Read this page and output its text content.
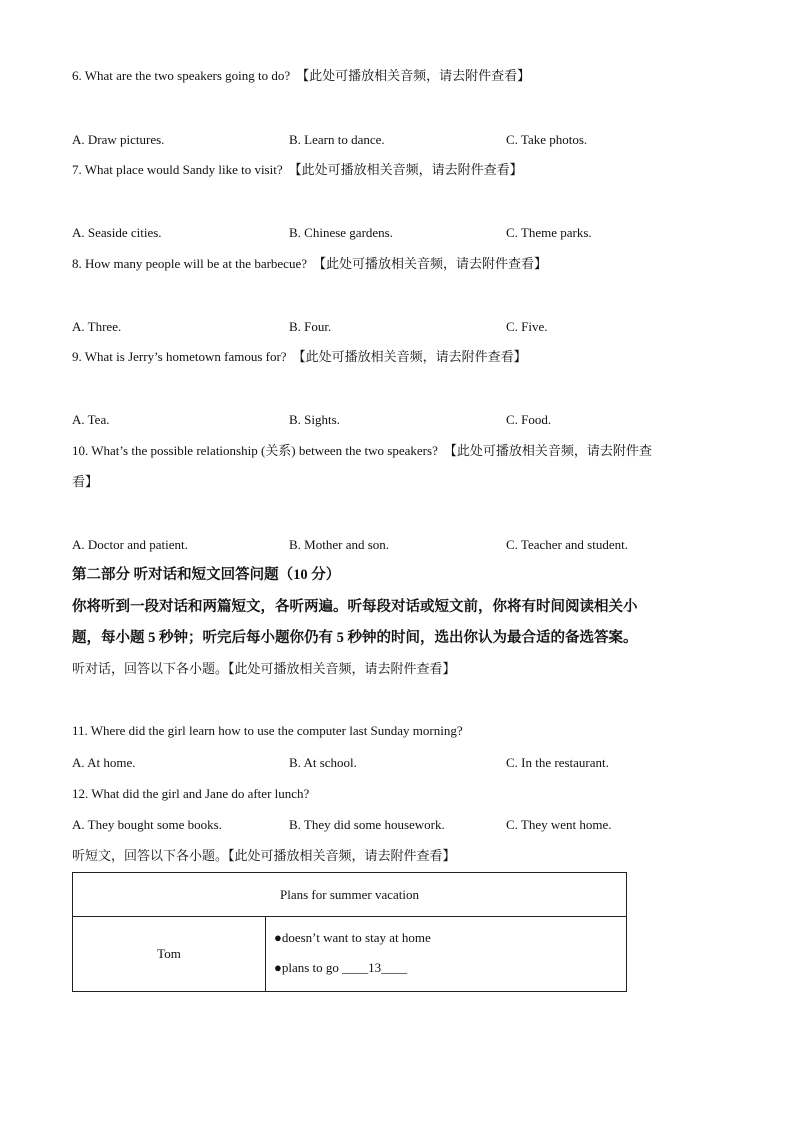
6. What are the two speakers going to do? 【此处可播放相关音频，请去附件查看】
A. Draw pictures.	B. Learn to dance.	C. Take photos.
7. What place would Sandy like to visit? 【此处可播放相关音频，请去附件查看】
A. Seaside cities.	B. Chinese gardens.	C. Theme parks.
8. How many people will be at the barbecue? 【此处可播放相关音频，请去附件查看】
A. Three.	B. Four.	C. Five.
9. What is Jerry’s hometown famous for? 【此处可播放相关音频，请去附件查看】
A. Tea.	B. Sights.	C. Food.
10. What’s the possible relationship (关系) between the two speakers? 【此处可播放相关音频，请去附件查
看】
A. Doctor and patient.	B. Mother and son.	C. Teacher and student.
第二部分 听对话和短文回答问题（10 分）
你将听到一段对话和两篇短文，各听两遍。听每段对话或短文前，你将有时间阅读相关小
题，每小题 5 秒钟；听完后每小题你仍有 5 秒钟的时间，选出你认为最合适的备选答案。
听对话，回答以下各小题。【此处可播放相关音频，请去附件查看】
11. Where did the girl learn how to use the computer last Sunday morning?
A. At home.	B. At school.	C. In the restaurant.
12. What did the girl and Jane do after lunch?
A. They bought some books.	B. They did some housework.	C. They went home.
听短文，回答以下各小题。【此处可播放相关音频，请去附件查看】
Plans for summer vacation
Tom	
●doesn’t want to stay at home
●plans to go ____13____
